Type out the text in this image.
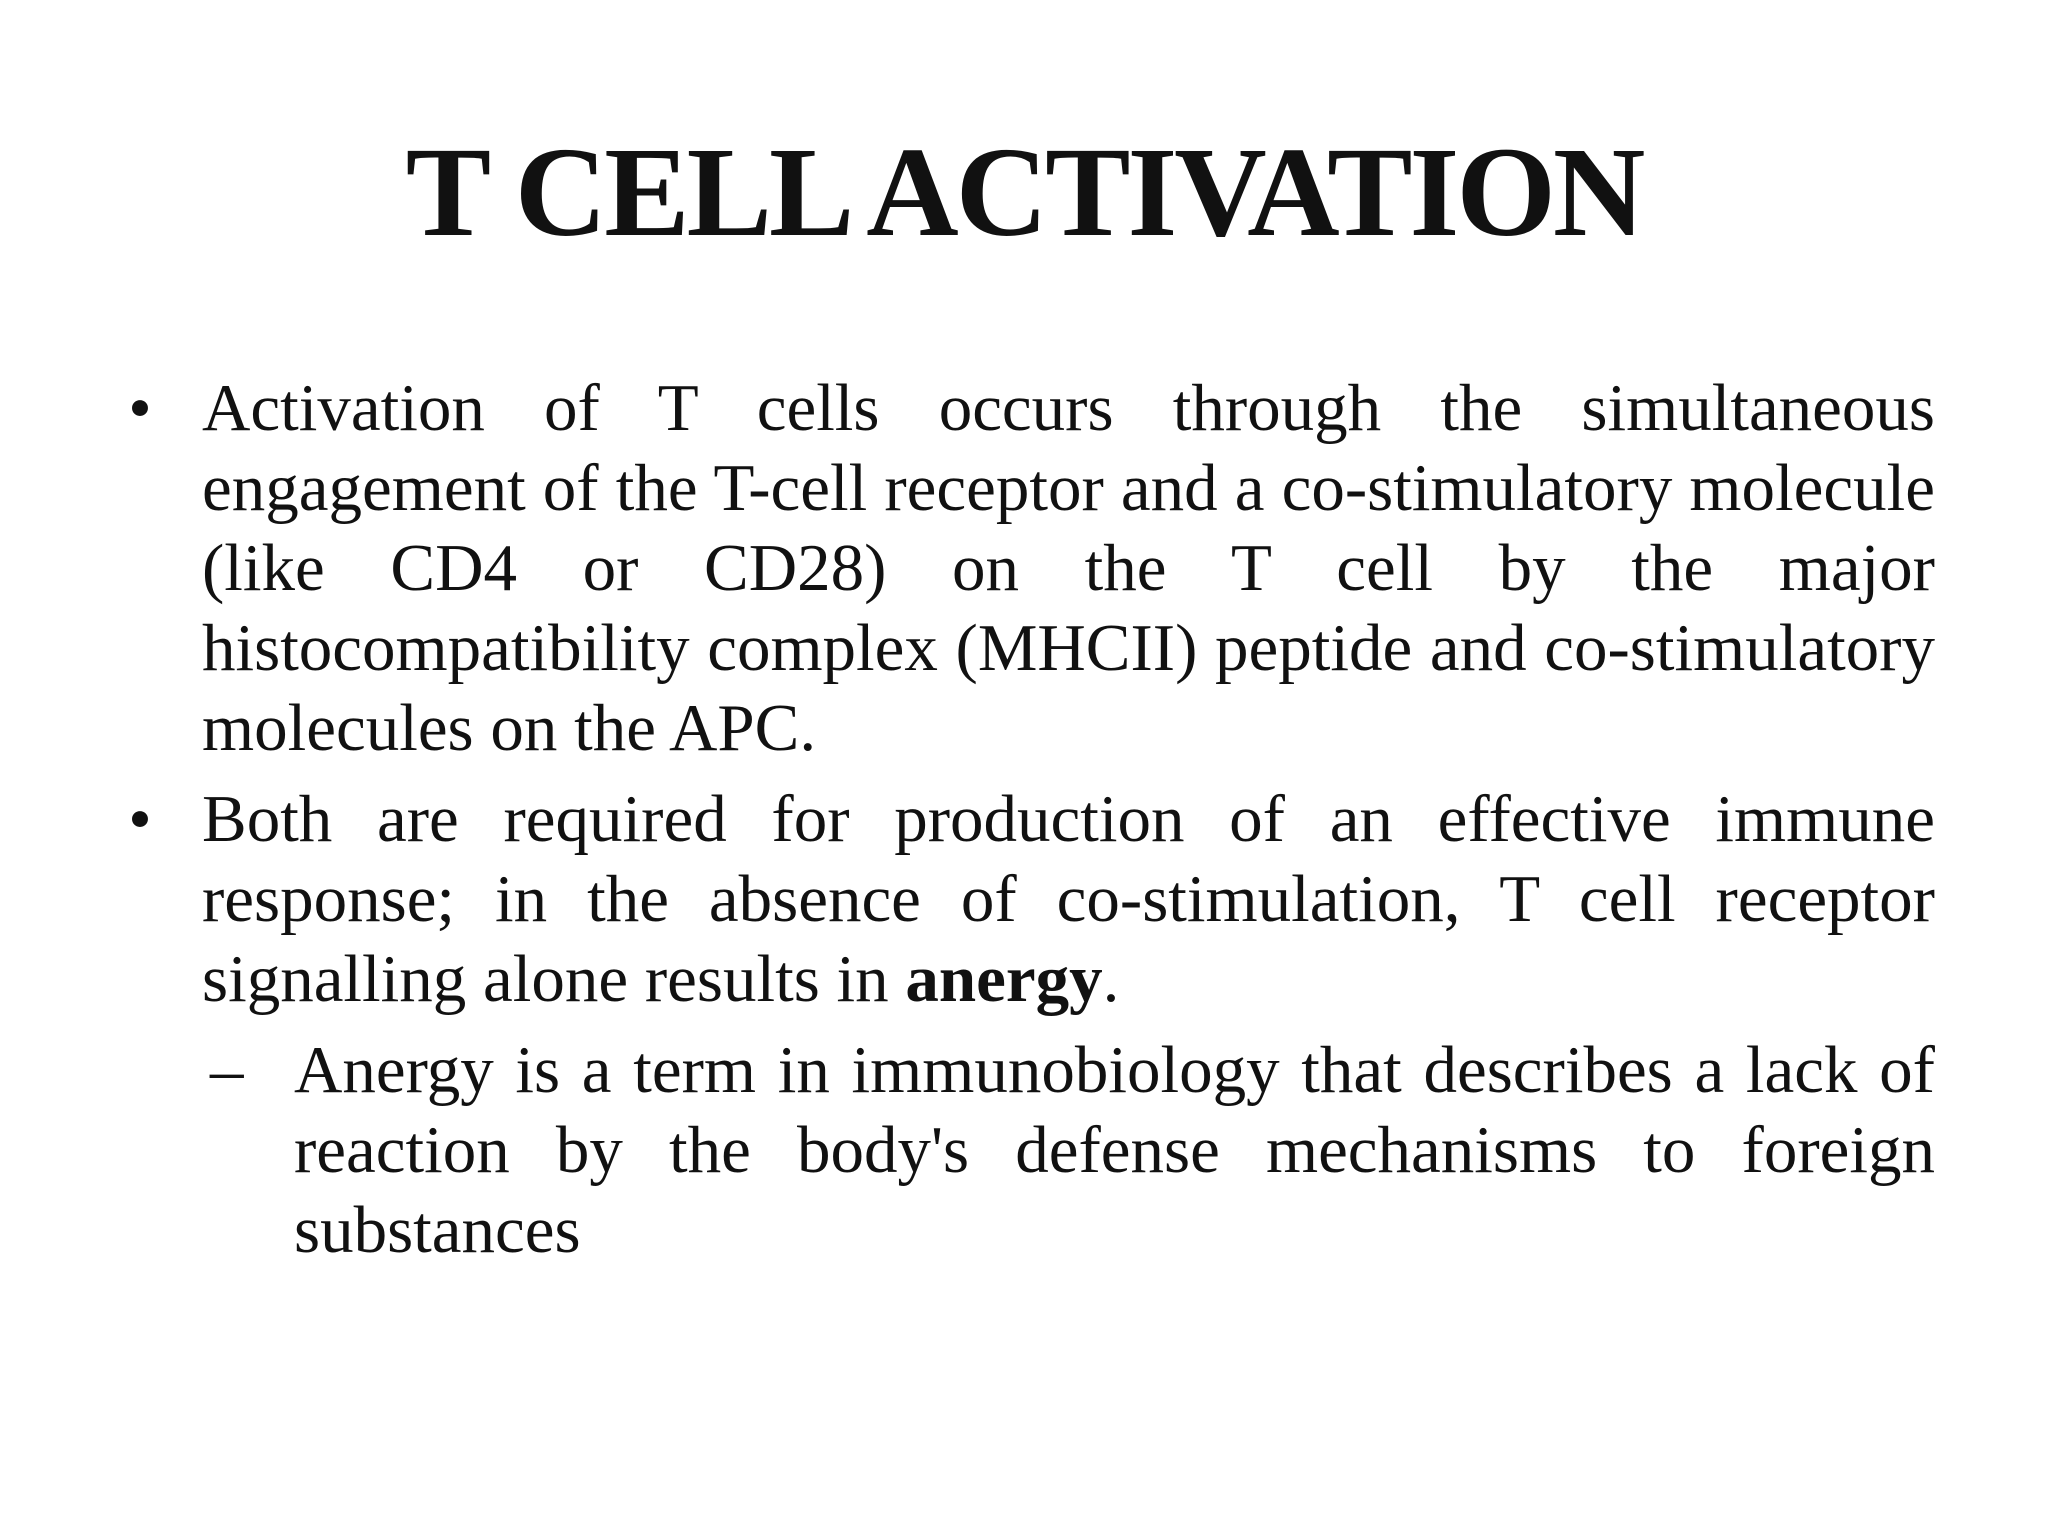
T CELL ACTIVATION

• Activation of T cells occurs through the simultaneous engagement of the T-cell receptor and a co-stimulatory molecule (like CD4 or CD28) on the T cell by the major histocompatibility complex (MHCII) peptide and co-stimulatory molecules on the APC.

• Both are required for production of an effective immune response; in the absence of co-stimulation, T cell receptor signalling alone results in anergy.

– Anergy is a term in immunobiology that describes a lack of reaction by the body's defense mechanisms to foreign substances
